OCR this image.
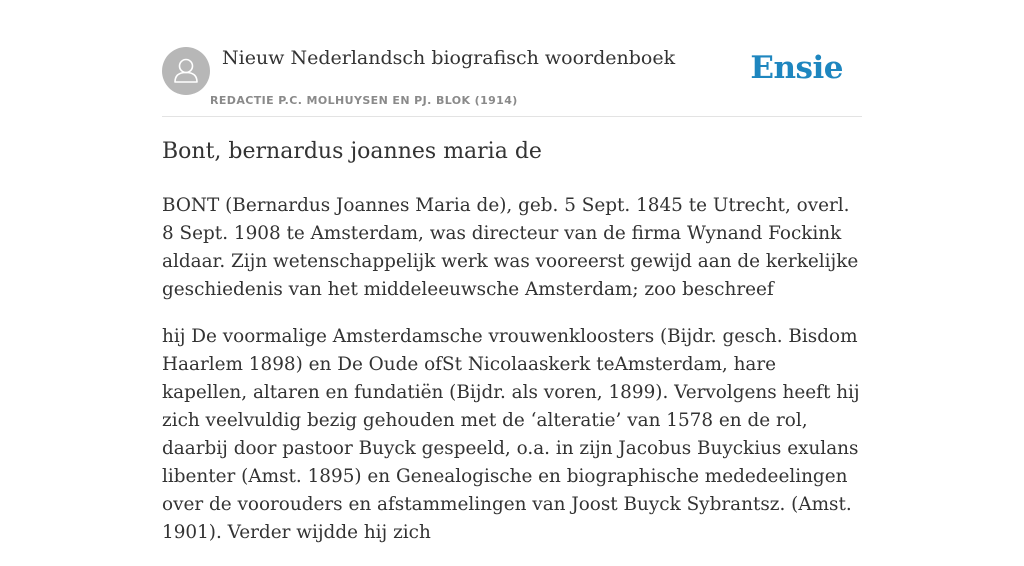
Nieuw Nederlandsch biografisch woordenboek
REDACTIE P.C. MOLHUYSEN EN PJ. BLOK (1914)
Ensie
Bont, bernardus joannes maria de

BONT (Bernardus Joannes Maria de), geb. 5 Sept. 1845 te Utrecht, overl. 8 Sept. 1908 te Amsterdam, was directeur van de firma Wynand Fockink aldaar. Zijn wetenschappelijk werk was vooreerst gewijd aan de kerkelijke geschiedenis van het middeleeuwsche Amsterdam; zoo beschreef

hij De voormalige Amsterdamsche vrouwenkloosters (Bijdr. gesch. Bisdom Haarlem 1898) en De Oude ofSt Nicolaaskerk teAmsterdam, hare kapellen, altaren en fundatiën (Bijdr. als voren, 1899). Vervolgens heeft hij zich veelvuldig bezig gehouden met de ‘alteratie’ van 1578 en de rol, daarbij door pastoor Buyck gespeeld, o.a. in zijn Jacobus Buyckius exulans libenter (Amst. 1895) en Genealogische en biographische mededeelingen over de voorouders en afstammelingen van Joost Buyck Sybrantsz. (Amst. 1901). Verder wijdde hij zich
